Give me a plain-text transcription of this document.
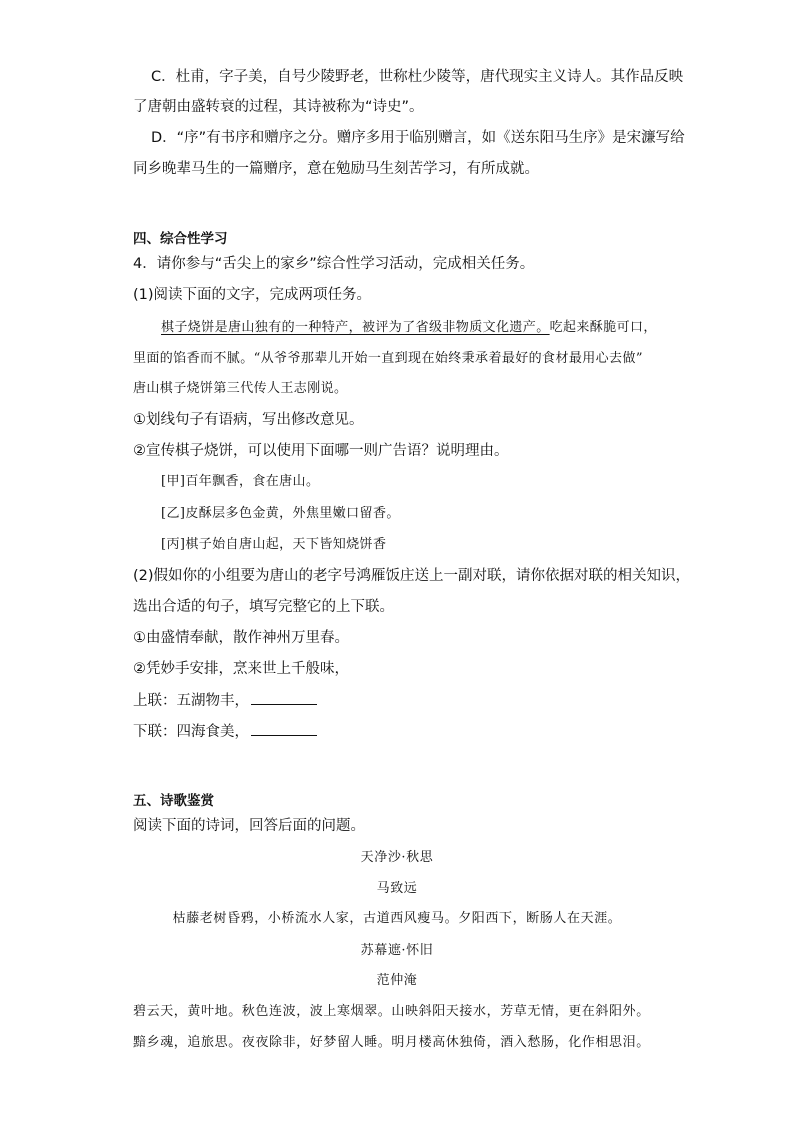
C．杜甫，字子美，自号少陵野老，世称杜少陵等，唐代现实主义诗人。其作品反映
了唐朝由盛转衰的过程，其诗被称为“诗史”。
D．“序”有书序和赠序之分。赠序多用于临别赠言，如《送东阳马生序》是宋濂写给
同乡晚辈马生的一篇赠序，意在勉励马生刻苦学习，有所成就。
四、综合性学习
4．请你参与“舌尖上的家乡”综合性学习活动，完成相关任务。
(1)阅读下面的文字，完成两项任务。
棋子烧饼是唐山独有的一种特产，被评为了省级非物质文化遗产。吃起来酥脆可口，
里面的馅香而不腻。“从爷爷那辈儿开始一直到现在始终秉承着最好的食材最用心去做”
唐山棋子烧饼第三代传人王志刚说。
①划线句子有语病，写出修改意见。
②宣传棋子烧饼，可以使用下面哪一则广告语？说明理由。
[甲]百年飘香，食在唐山。
[乙]皮酥层多色金黄，外焦里嫩口留香。
[丙]棋子始自唐山起，天下皆知烧饼香
(2)假如你的小组要为唐山的老字号鸿雁饭庄送上一副对联，请你依据对联的相关知识，
选出合适的句子，填写完整它的上下联。
①由盛情奉献，散作神州万里春。
②凭妙手安排，烹来世上千般味，
上联：五湖物丰，
下联：四海食美，
五、诗歌鉴赏
阅读下面的诗词，回答后面的问题。
天净沙·秋思
马致远
枯藤老树昏鸦，小桥流水人家，古道西风瘦马。夕阳西下，断肠人在天涯。
苏幕遮·怀旧
范仲淹
碧云天，黄叶地。秋色连波，波上寒烟翠。山映斜阳天接水，芳草无情，更在斜阳外。
黯乡魂，追旅思。夜夜除非，好梦留人睡。明月楼高休独倚，酒入愁肠，化作相思泪。
